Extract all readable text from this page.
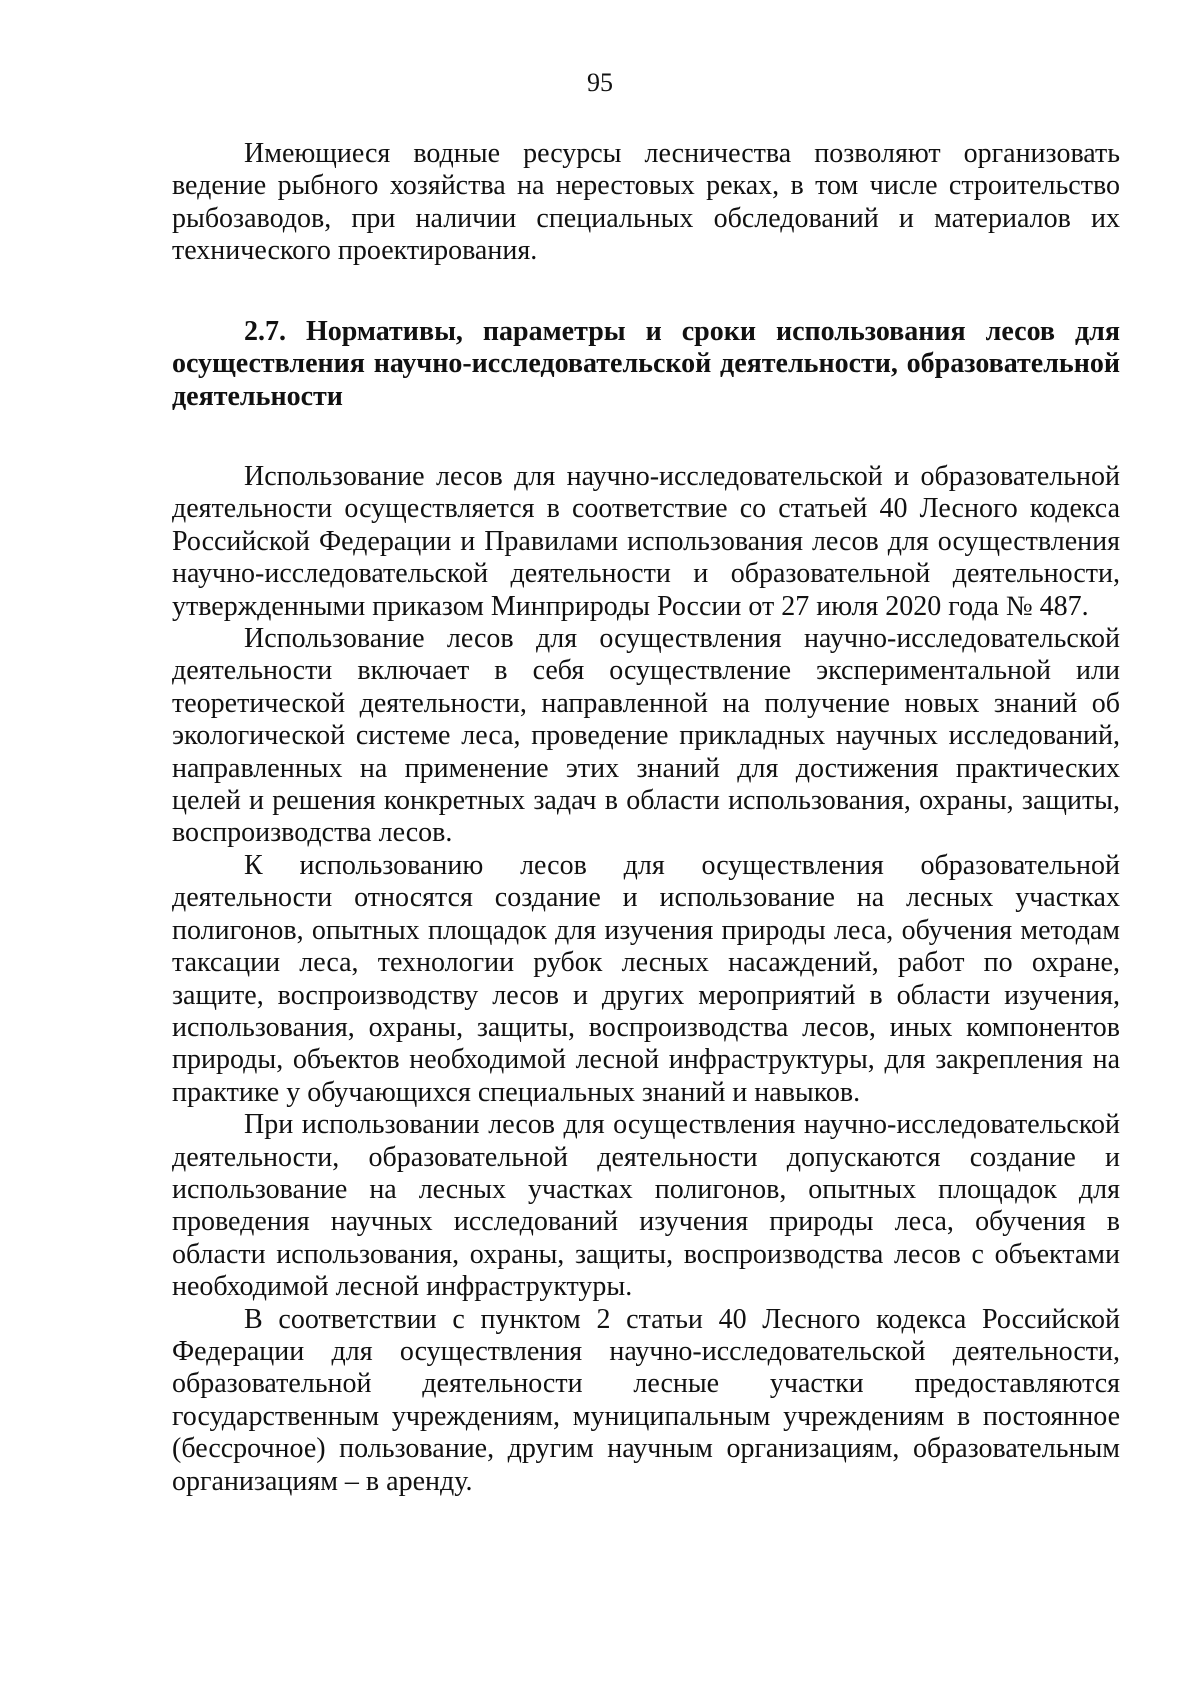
95

Имеющиеся водные ресурсы лесничества позволяют организовать ведение рыбного хозяйства на нерестовых реках, в том числе строительство рыбозаводов, при наличии специальных обследований и материалов их технического проектирования.

2.7. Нормативы, параметры и сроки использования лесов для осуществления научно-исследовательской деятельности, образовательной деятельности

Использование лесов для научно-исследовательской и образовательной деятельности осуществляется в соответствие со статьей 40 Лесного кодекса Российской Федерации и Правилами использования лесов для осуществления научно-исследовательской деятельности и образовательной деятельности, утвержденными приказом Минприроды России от 27 июля 2020 года № 487.

Использование лесов для осуществления научно-исследовательской деятельности включает в себя осуществление экспериментальной или теоретической деятельности, направленной на получение новых знаний об экологической системе леса, проведение прикладных научных исследований, направленных на применение этих знаний для достижения практических целей и решения конкретных задач в области использования, охраны, защиты, воспроизводства лесов.

К использованию лесов для осуществления образовательной деятельности относятся создание и использование на лесных участках полигонов, опытных площадок для изучения природы леса, обучения методам таксации леса, технологии рубок лесных насаждений, работ по охране, защите, воспроизводству лесов и других мероприятий в области изучения, использования, охраны, защиты, воспроизводства лесов, иных компонентов природы, объектов необходимой лесной инфраструктуры, для закрепления на практике у обучающихся специальных знаний и навыков.

При использовании лесов для осуществления научно-исследовательской деятельности, образовательной деятельности допускаются создание и использование на лесных участках полигонов, опытных площадок для проведения научных исследований изучения природы леса, обучения в области использования, охраны, защиты, воспроизводства лесов с объектами необходимой лесной инфраструктуры.

В соответствии с пунктом 2 статьи 40 Лесного кодекса Российской Федерации для осуществления научно-исследовательской деятельности, образовательной деятельности лесные участки предоставляются государственным учреждениям, муниципальным учреждениям в постоянное (бессрочное) пользование, другим научным организациям, образовательным организациям – в аренду.
